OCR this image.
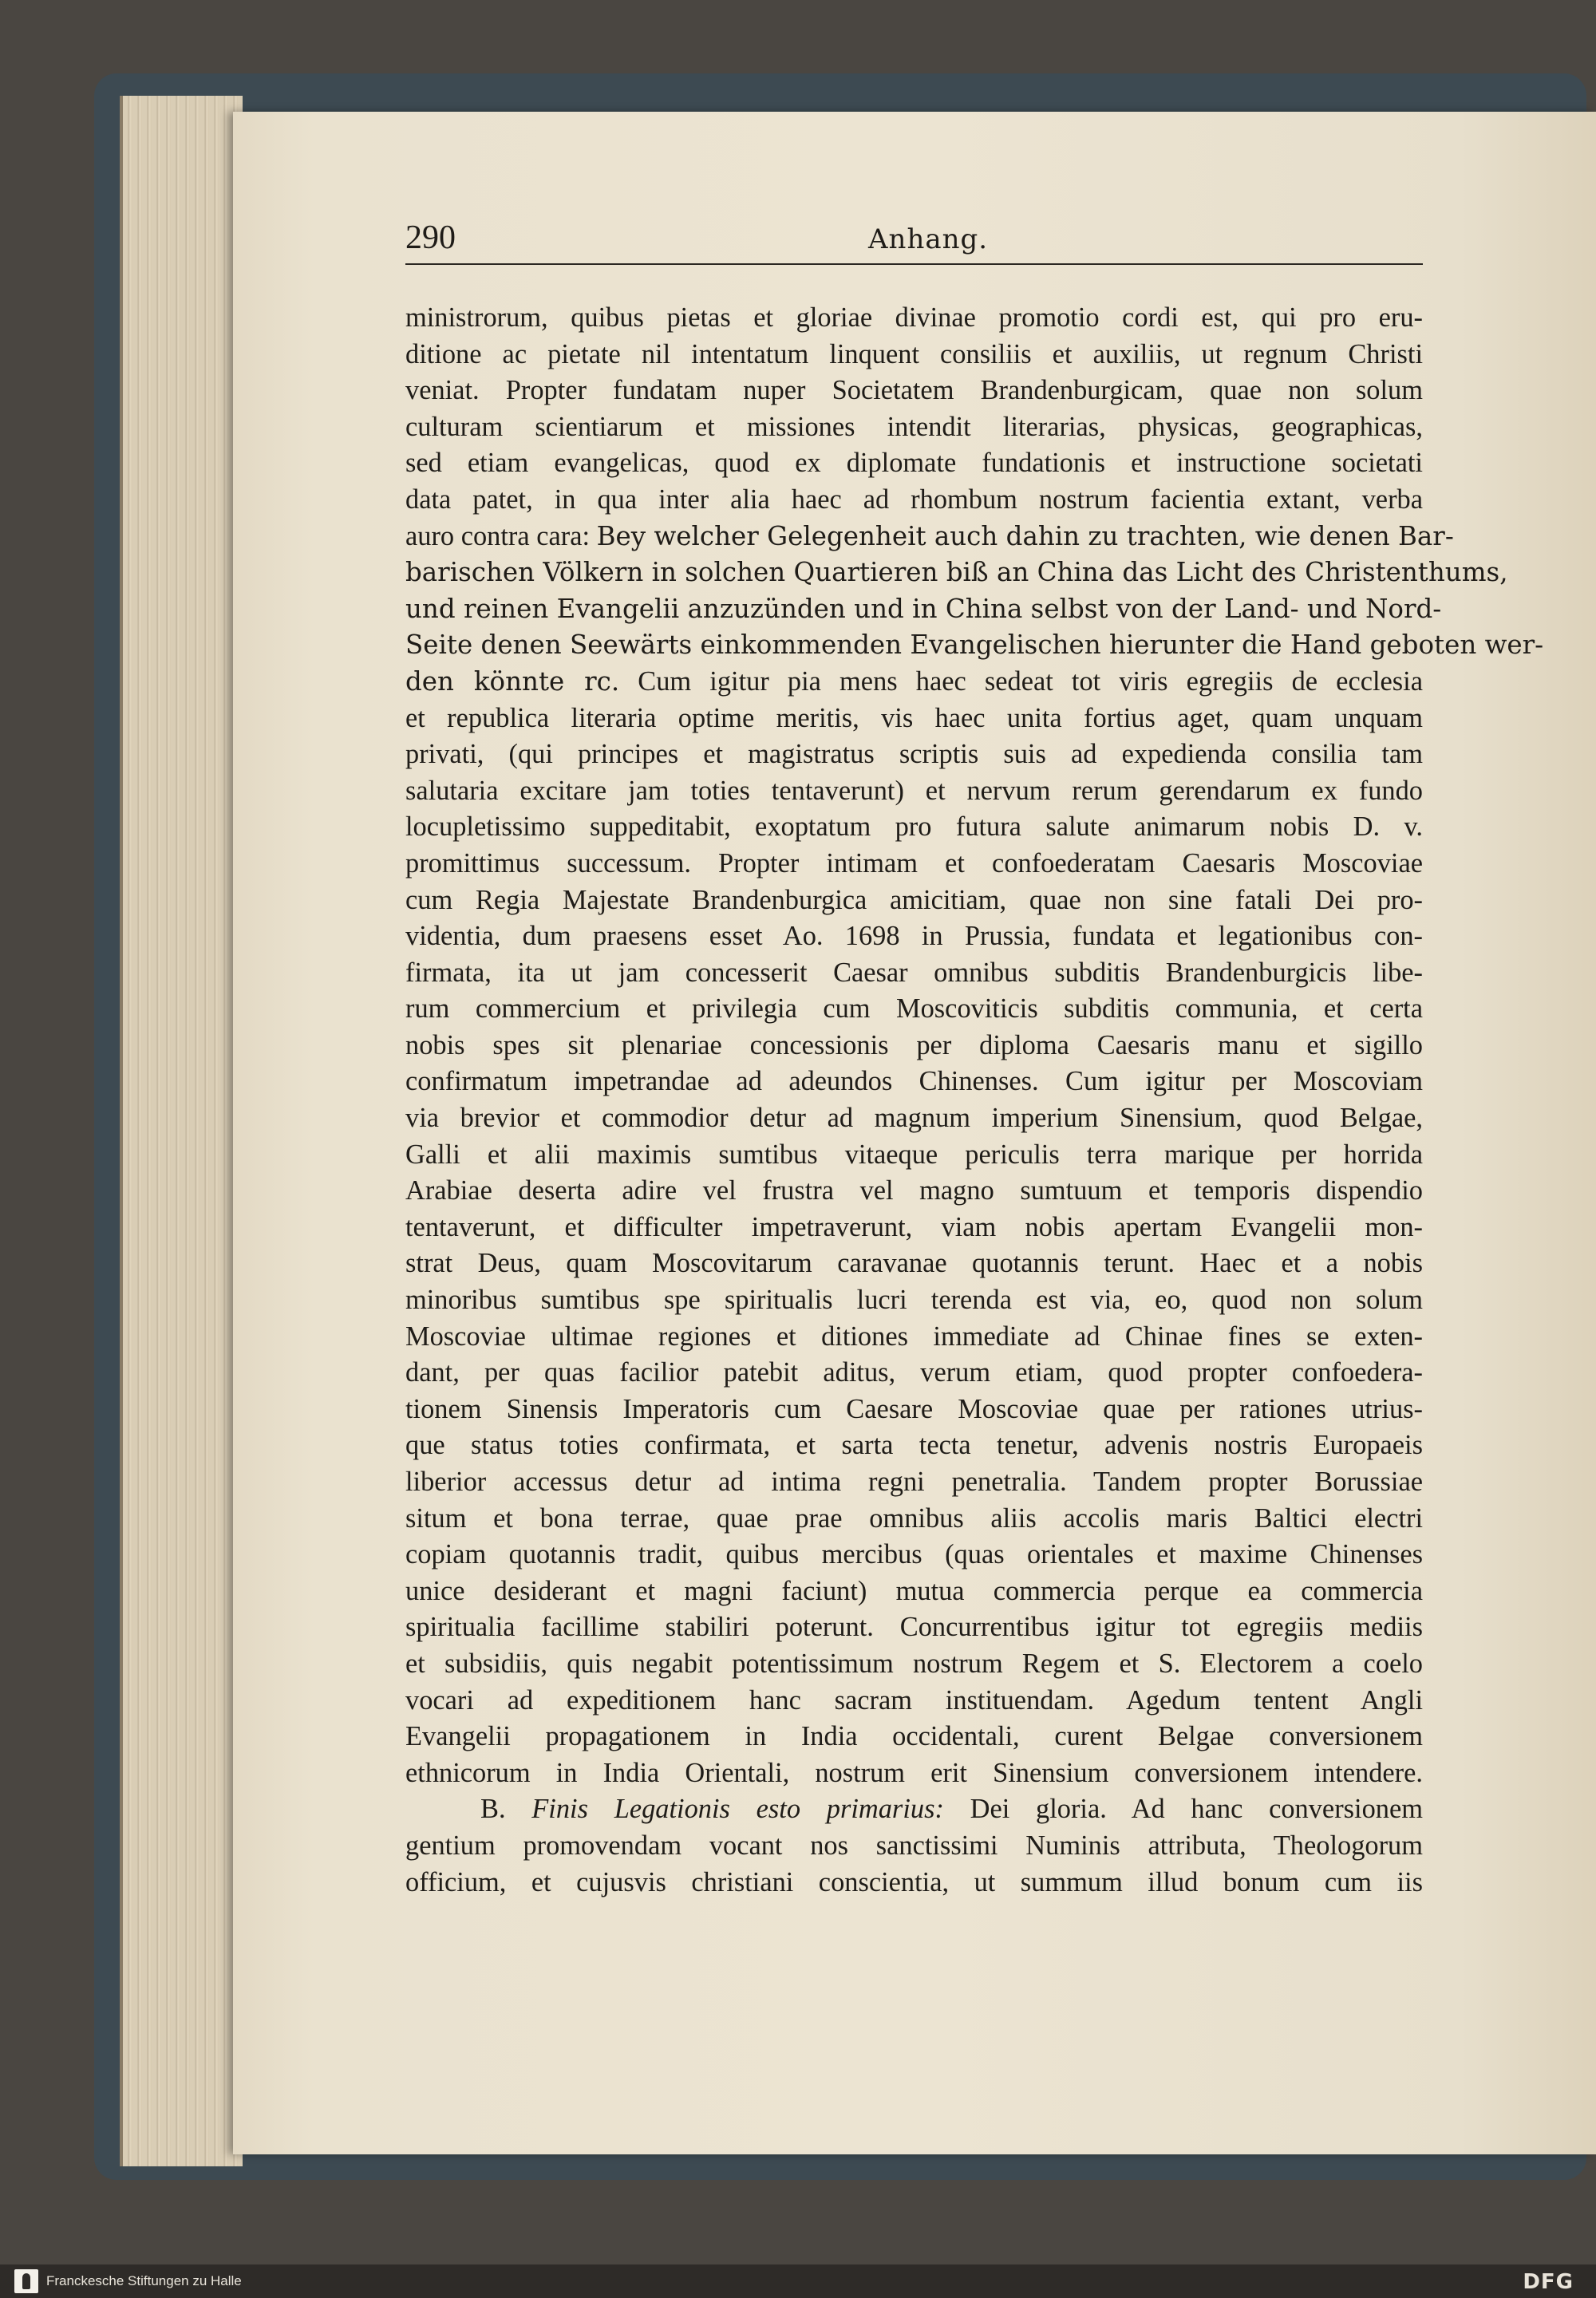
290	Anhang.
ministrorum, quibus pietas et gloriae divinae promotio cordi est, qui pro eru-
ditione ac pietate nil intentatum linquent consiliis et auxiliis, ut regnum Christi
veniat. Propter fundatam nuper Societatem Brandenburgicam, quae non solum
culturam scientiarum et missiones intendit literarias, physicas, geographicas,
sed etiam evangelicas, quod ex diplomate fundationis et instructione societati
data patet, in qua inter alia haec ad rhombum nostrum facientia extant, verba
auro contra cara: Bey welcher Gelegenheit auch dahin zu trachten, wie denen Bar-
barischen Völkern in solchen Quartieren biß an China das Licht des Christenthums,
und reinen Evangelii anzuzünden und in China selbst von der Land- und Nord-
Seite denen Seewärts einkommenden Evangelischen hierunter die Hand geboten wer-
den könnte rc. Cum igitur pia mens haec sedeat tot viris egregiis de ecclesia
et republica literaria optime meritis, vis haec unita fortius aget, quam unquam
privati, (qui principes et magistratus scriptis suis ad expedienda consilia tam
salutaria excitare jam toties tentaverunt) et nervum rerum gerendarum ex fundo
locupletissimo suppeditabit, exoptatum pro futura salute animarum nobis D. v.
promittimus successum. Propter intimam et confoederatam Caesaris Moscoviae
cum Regia Majestate Brandenburgica amicitiam, quae non sine fatali Dei pro-
videntia, dum praesens esset Ao. 1698 in Prussia, fundata et legationibus con-
firmata, ita ut jam concesserit Caesar omnibus subditis Brandenburgicis libe-
rum commercium et privilegia cum Moscoviticis subditis communia, et certa
nobis spes sit plenariae concessionis per diploma Caesaris manu et sigillo
confirmatum impetrandae ad adeundos Chinenses. Cum igitur per Moscoviam
via brevior et commodior detur ad magnum imperium Sinensium, quod Belgae,
Galli et alii maximis sumtibus vitaeque periculis terra marique per horrida
Arabiae deserta adire vel frustra vel magno sumtuum et temporis dispendio
tentaverunt, et difficulter impetraverunt, viam nobis apertam Evangelii mon-
strat Deus, quam Moscovitarum caravanae quotannis terunt. Haec et a nobis
minoribus sumtibus spe spiritualis lucri terenda est via, eo, quod non solum
Moscoviae ultimae regiones et ditiones immediate ad Chinae fines se exten-
dant, per quas facilior patebit aditus, verum etiam, quod propter confoedera-
tionem Sinensis Imperatoris cum Caesare Moscoviae quae per rationes utrius-
que status toties confirmata, et sarta tecta tenetur, advenis nostris Europaeis
liberior accessus detur ad intima regni penetralia. Tandem propter Borussiae
situm et bona terrae, quae prae omnibus aliis accolis maris Baltici electri
copiam quotannis tradit, quibus mercibus (quas orientales et maxime Chinenses
unice desiderant et magni faciunt) mutua commercia perque ea commercia
spiritualia facillime stabiliri poterunt. Concurrentibus igitur tot egregiis mediis
et subsidiis, quis negabit potentissimum nostrum Regem et S. Electorem a coelo
vocari ad expeditionem hanc sacram instituendam. Agedum tentent Angli
Evangelii propagationem in India occidentali, curent Belgae conversionem
ethnicorum in India Orientali, nostrum erit Sinensium conversionem intendere.
B. Finis Legationis esto primarius: Dei gloria. Ad hanc conversionem
gentium promovendam vocant nos sanctissimi Numinis attributa, Theologorum
officium, et cujusvis christiani conscientia, ut summum illud bonum cum iis
Franckesche Stiftungen zu Halle	DFG
